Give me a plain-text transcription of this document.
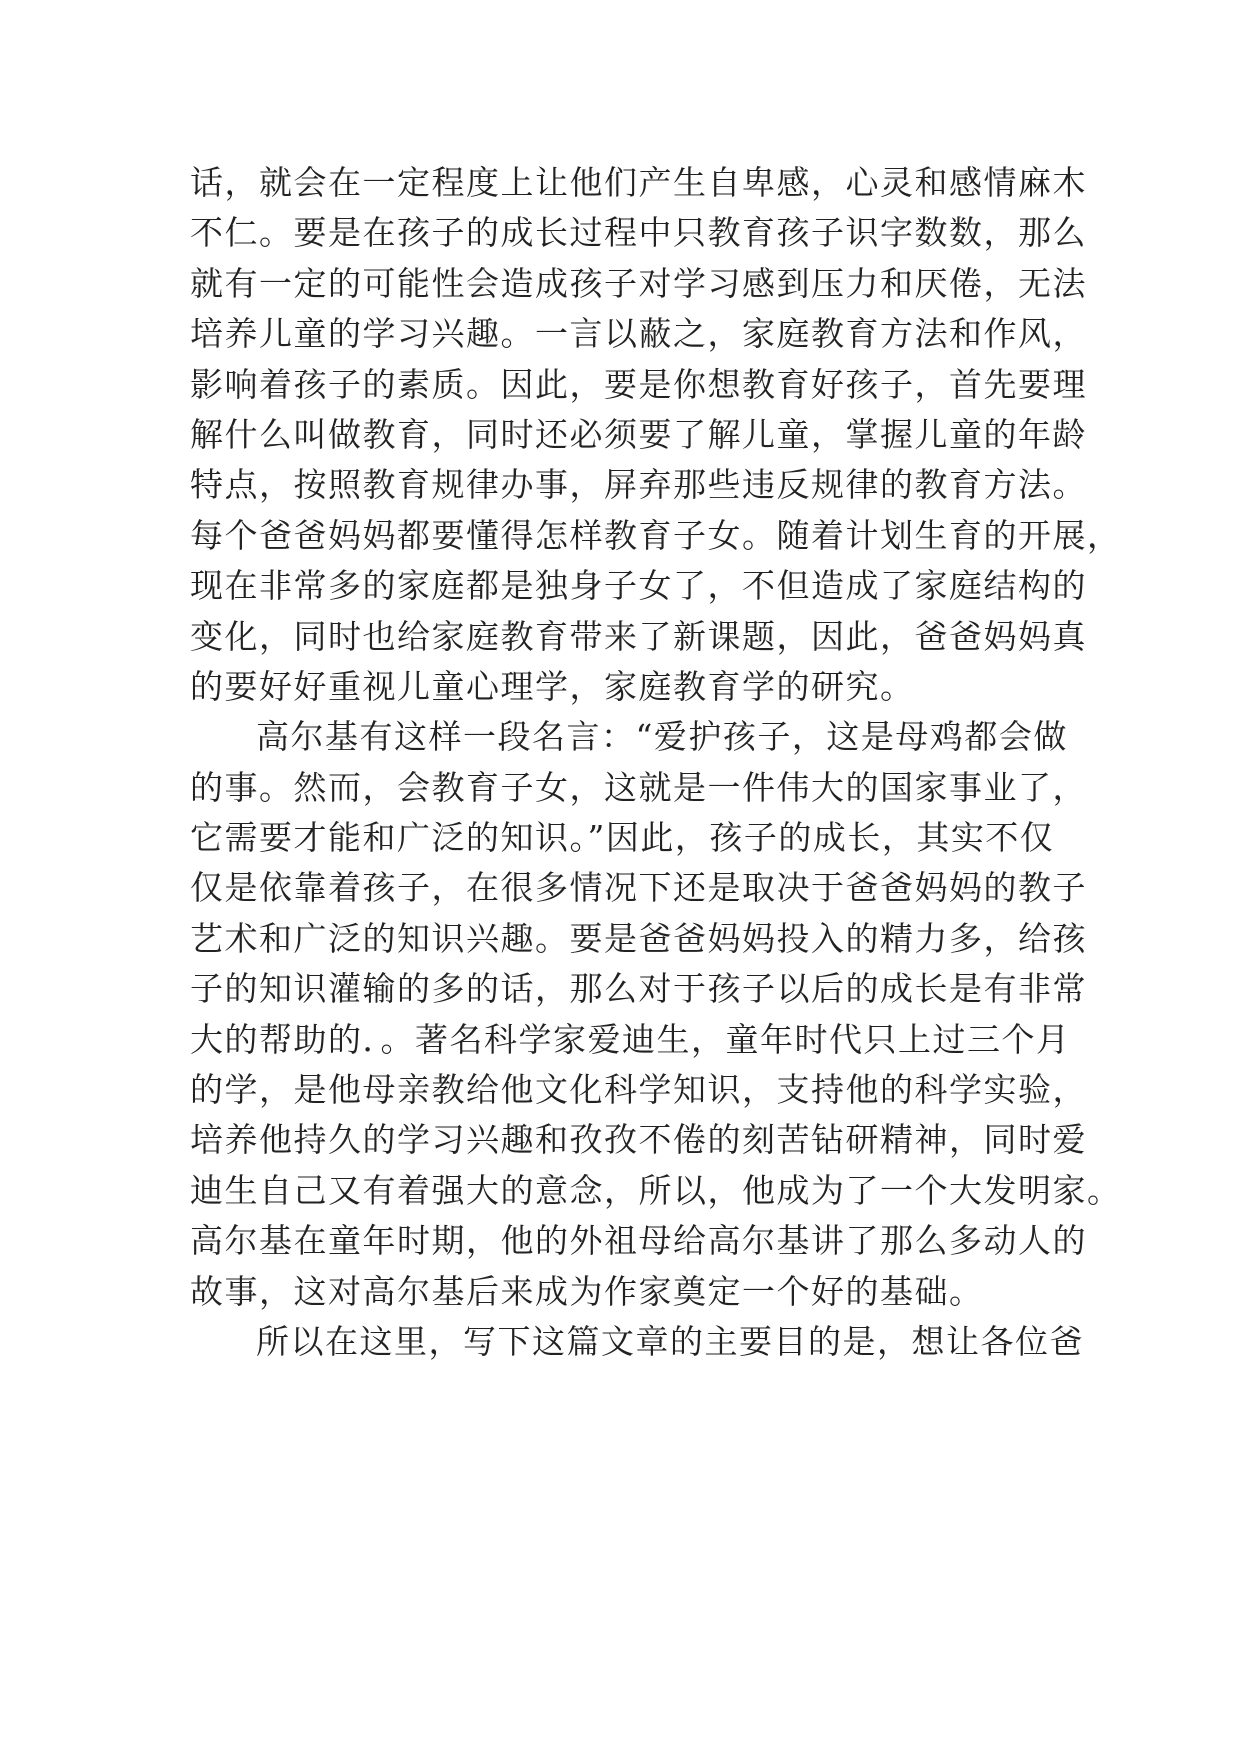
话，就会在一定程度上让他们产生自卑感，心灵和感情麻木
不仁。要是在孩子的成长过程中只教育孩子识字数数，那么
就有一定的可能性会造成孩子对学习感到压力和厌倦，无法
培养儿童的学习兴趣。一言以蔽之，家庭教育方法和作风，
影响着孩子的素质。因此，要是你想教育好孩子，首先要理
解什么叫做教育，同时还必须要了解儿童，掌握儿童的年龄
特点，按照教育规律办事，屏弃那些违反规律的教育方法。
每个爸爸妈妈都要懂得怎样教育子女。随着计划生育的开展，
现在非常多的家庭都是独身子女了，不但造成了家庭结构的
变化，同时也给家庭教育带来了新课题，因此，爸爸妈妈真
的要好好重视儿童心理学，家庭教育学的研究。
高尔基有这样一段名言：“爱护孩子，这是母鸡都会做
的事。然而，会教育子女，这就是一件伟大的国家事业了，
它需要才能和广泛的知识。”因此，孩子的成长，其实不仅
仅是依靠着孩子，在很多情况下还是取决于爸爸妈妈的教子
艺术和广泛的知识兴趣。要是爸爸妈妈投入的精力多，给孩
子的知识灌输的多的话，那么对于孩子以后的成长是有非常
大的帮助的．。著名科学家爱迪生，童年时代只上过三个月
的学，是他母亲教给他文化科学知识，支持他的科学实验，
培养他持久的学习兴趣和孜孜不倦的刻苦钻研精神，同时爱
迪生自己又有着强大的意念，所以，他成为了一个大发明家。
高尔基在童年时期，他的外祖母给高尔基讲了那么多动人的
故事，这对高尔基后来成为作家奠定一个好的基础。
所以在这里，写下这篇文章的主要目的是，想让各位爸
